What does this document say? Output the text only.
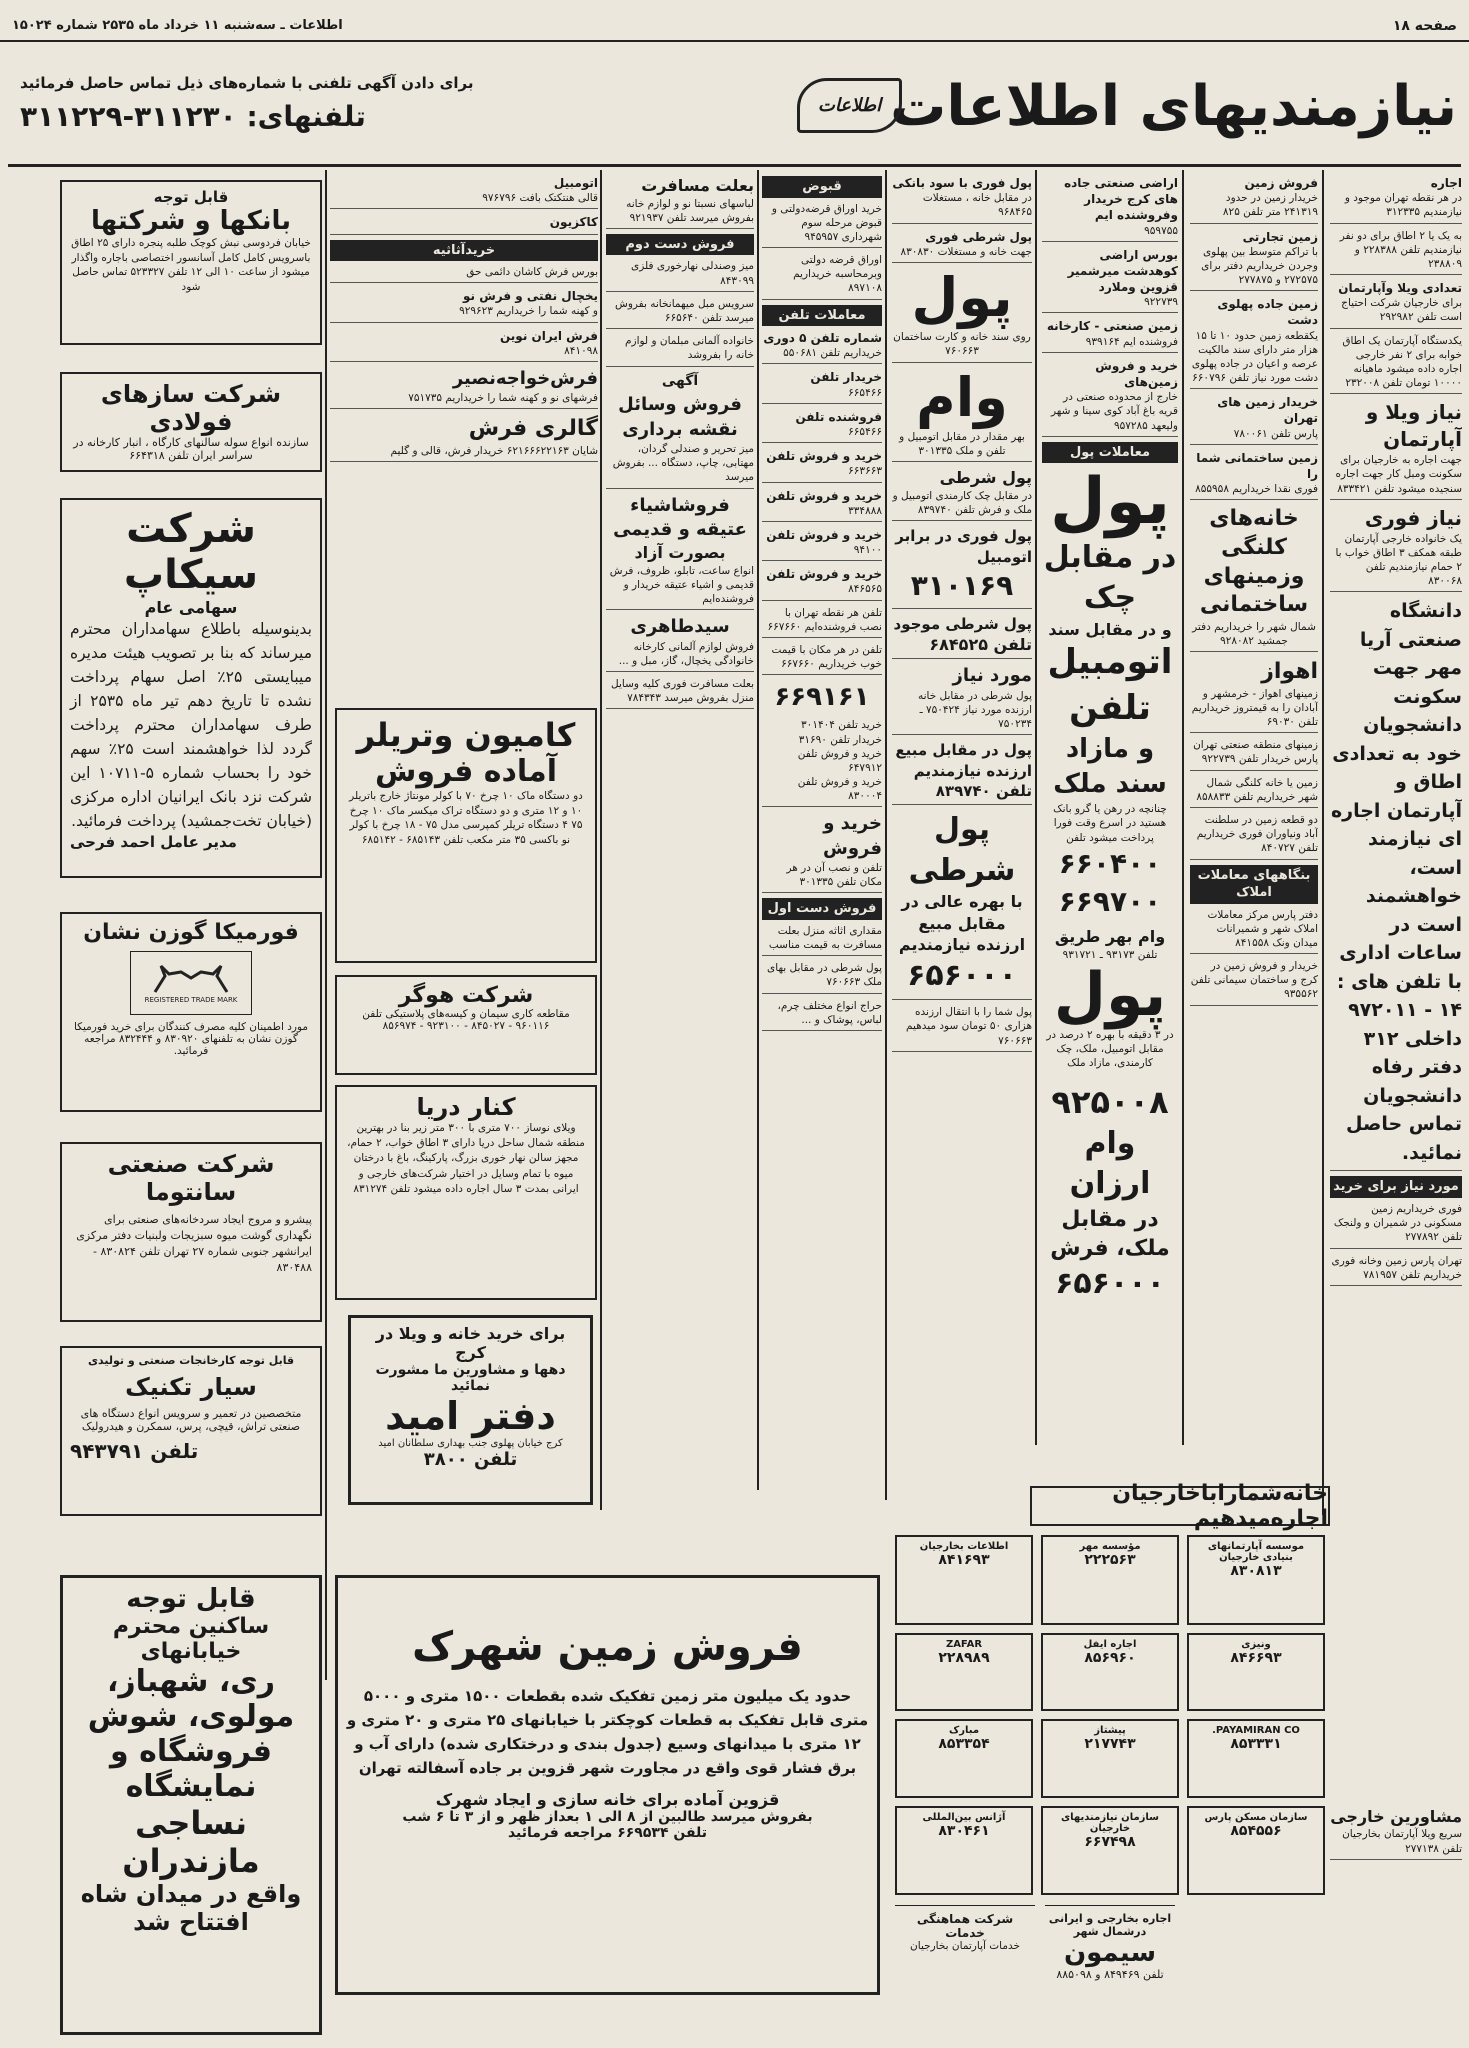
صفحه ۱۸
اطلاعات ـ سه‌شنبه ۱۱ خرداد ماه ۲۵۳۵ شماره ۱۵۰۲۴
نیازمندیهای اطلاعات
اطلاعات
برای دادن آگهی تلفنی با شماره‌های ذیل تماس حاصل فرمائید
تلفنهای: ۳۱۱۲۳۰-۳۱۱۲۲۹
اجاره
در هر نقطه تهران موجود و نیازمندیم ۳۱۲۳۳۵
به یک یا ۲ اطاق برای دو نفر نیازمندیم تلفن ۲۲۸۳۸۸ و ۲۳۸۸۰۹
تعدادی ویلا وآپارتمان
برای خارجیان شرکت احتیاج است تلفن ۲۹۲۹۸۲
یکدستگاه آپارتمان یک اطاق خوابه برای ۲ نفر خارجی اجاره داده میشود ماهیانه ۱۰۰۰۰ تومان تلفن ۲۳۲۰۰۸
نیاز ویلا و آپارتمان
جهت اجاره به خارجیان برای سکونت ومبل کار جهت اجاره سنجیده میشود تلفن ۸۳۳۴۲۱
نیاز فوری
یک خانواده خارجی آپارتمان طبقه همکف ۳ اطاق خواب با ۲ حمام نیازمندیم تلفن ۸۳۰۰۶۸
دانشگاه صنعتی آریا مهر جهت سکونت دانشجویان خود به تعدادی اطاق و آپارتمان اجاره ای نیازمند است، خواهشمند است در ساعات اداری با تلفن های : ۱۴ - ۹۷۲۰۱۱ داخلی ۳۱۲ دفتر رفاه دانشجویان تماس حاصل نمائید.
مورد نیاز برای خرید
فوری خریداریم زمین مسکونی در شمیران و ولنجک تلفن ۲۷۷۸۹۲
تهران پارس زمین وخانه فوری خریداریم تلفن ۷۸۱۹۵۷
مشاورین خارجی
سریع ویلا آپارتمان بخارجیان تلفن ۲۷۷۱۳۸
فروش زمین
خریدار زمین در حدود ۲۴۱۳۱۹ متر تلفن ۸۲۵
زمین تجارتی
با تراکم متوسط بین پهلوی وجردن خریداریم دفتر برای ۲۷۲۵۷۵ و ۲۷۷۸۷۵
زمین جاده پهلوی دشت
یکقطعه زمین حدود ۱۰ تا ۱۵ هزار متر دارای سند مالکیت عرصه و اعیان در جاده پهلوی دشت مورد نیاز تلفن ۶۶۰۷۹۶
خریدار زمین های تهران
پارس تلفن ۷۸۰۰۶۱
زمین ساختمانی شما را
فوری نقدا خریداریم ۸۵۵۹۵۸
خانه‌های کلنگی وزمینهای ساختمانی
شمال شهر را خریداریم دفتر جمشید ۹۲۸۰۸۲
اهواز
زمینهای اهواز - خرمشهر و آبادان را به قیمتروز خریداریم تلفن ۶۹۰۳۰
زمینهای منطقه صنعتی تهران پارس خریدار تلفن ۹۲۲۷۳۹
زمین یا خانه کلنگی شمال شهر خریداریم تلفن ۸۵۸۸۳۳
دو قطعه زمین در سلطنت آباد ونیاوران فوری خریداریم تلفن ۸۴۰۷۲۷
بنگاههای معاملات املاک
دفتر پارس مرکز معاملات املاک شهر و شمیرانات میدان ونک ۸۴۱۵۵۸
خریدار و فروش زمین در کرج و ساختمان سیمانی تلفن ۹۳۵۵۶۲
اراضی صنعتی جاده های کرج خریدار وفروشنده ایم
۹۵۹۷۵۵
بورس اراضی کوهدشت میرشمیر قزوین وملارد
۹۲۲۷۳۹
زمین صنعتی - کارخانه
فروشنده ایم ۹۳۹۱۶۴
خرید و فروش زمین‌های
خارج از محدوده صنعتی در قریه باغ آباد کوی سینا و شهر ولیعهد ۹۵۷۲۸۵
معاملات پول
پول
در مقابل چک
و در مقابل سند
اتومبیل
تلفن
و مازاد سند ملک
چنانچه در رهن یا گرو بانک هستید در اسرع وقت فورا پرداخت میشود تلفن
۶۶۰۴۰۰
۶۶۹۷۰۰
وام بهر طریق
تلفن ۹۳۱۷۳ ـ ۹۳۱۷۲۱
پول
در ۳ دقیقه با بهره ۲ درصد در مقابل اتومبیل، ملک، چک کارمندی، مازاد ملک
۹۲۵۰۰۸
وام ارزان
در مقابل ملک، فرش
۶۵۶۰۰۰
پول فوری با سود بانکی
در مقابل خانه ، مستغلات ۹۶۸۴۶۵
پول شرطی فوری
جهت خانه و مستغلات ۸۳۰۸۳۰
پول
روی سند خانه و کارت ساختمان ۷۶۰۶۶۳
وام
بهر مقدار در مقابل اتومبیل و تلفن و ملک ۳۰۱۳۳۵
پول شرطی
در مقابل چک کارمندی اتومبیل و ملک و فرش تلفن ۸۳۹۷۴۰
پول فوری در برابر اتومبیل
۳۱۰۱۶۹
پول شرطی موجود
تلفن ۶۸۴۵۲۵
مورد نیاز
پول شرطی در مقابل خانه ارزنده مورد نیاز ۷۵۰۴۲۴ ـ ۷۵۰۲۳۴
پول در مقابل مبیع ارزنده نیازمندیم
تلفن ۸۳۹۷۴۰
پول شرطی
با بهره عالی در مقابل مبیع ارزنده نیازمندیم
۶۵۶۰۰۰
پول شما را با انتقال ارزنده هزاری ۵۰ تومان سود میدهیم ۷۶۰۶۶۳
قبوض
خرید اوراق قرضه‌دولتی و قبوض مرحله سوم شهرداری ۹۴۵۹۵۷
اوراق قرضه دولتی وبرمحاسبه خریداریم ۸۹۷۱۰۸
معاملات تلفن
شماره تلفن ۵ دوری
خریداریم تلفن ۵۵۰۶۸۱
خریدار تلفن
۶۶۵۴۶۶
فروشنده تلفن
۶۶۵۴۶۶
خرید و فروش تلفن
۶۶۳۶۶۳
خرید و فروش تلفن
۳۳۴۸۸۸
خرید و فروش تلفن
۹۴۱۰۰
خرید و فروش تلفن
۸۴۶۵۶۵
تلفن هر نقطه تهران با نصب فروشنده‌ایم ۶۶۷۶۶۰
تلفن در هر مکان با قیمت خوب خریداریم ۶۶۷۶۶۰
۶۶۹۱۶۱
خرید تلفن ۳۰۱۴۰۴
خریدار تلفن ۳۱۶۹۰
خرید و فروش تلفن ۶۴۷۹۱۲
خرید و فروش تلفن ۸۳۰۰۰۴
خرید و فروش
تلفن و نصب آن در هر مکان تلفن ۳۰۱۳۳۵
فروش دست اول
مقداری اثاثه منزل بعلت مسافرت به قیمت مناسب
پول شرطی در مقابل بهای ملک ۷۶۰۶۶۳
حراج انواع مختلف چرم، لباس، پوشاک و ...
بعلت مسافرت
لباسهای نسبتا نو و لوازم خانه بفروش میرسد تلفن ۹۲۱۹۳۷
فروش دست دوم
میز وصندلی نهارخوری فلزی ۸۴۳۰۹۹
سرویس مبل میهمانخانه بفروش میرسد تلفن ۶۶۵۶۴۰
خانواده آلمانی مبلمان و لوازم خانه را بفروشد
آگهی
فروش وسائل نقشه برداری
میز تحریر و صندلی گردان، مهتابی، چاپ، دستگاه ... بفروش میرسد
فروشاشیاء عتیقه و قدیمی
بصورت آزاد
انواع ساعت، تابلو، ظروف، فرش قدیمی و اشیاء عتیقه خریدار و فروشنده‌ایم
سیدطاهری
فروش لوازم آلمانی کارخانه خانوادگی یخچال، گاز، مبل و ...
بعلت مسافرت فوری کلیه وسایل منزل بفروش میرسد ۷۸۴۳۴۳
اتومبیل
قالی هنتکتک بافت ۹۷۶۷۹۶
کاکزیون
خریدآثاثیه
بورس فرش کاشان دائمی حق
یخچال نفتی و فرش نو
و کهنه شما را خریداریم ۹۲۹۶۲۳
فرش ایران نوین
۸۴۱۰۹۸
فرش‌خواجه‌نصیر
فرشهای نو و کهنه شما را خریداریم ۷۵۱۷۳۵
گالری فرش
شایان ۶۲۱۶۶۶۲۲۱۶۳ خریدار فرش، قالی و گلیم
قابل توجه
بانکها و شرکتها
خیابان فردوسی نبش کوچک طلبه پنجره دارای ۲۵ اطاق باسرویس کامل کامل آسانسور اختصاصی باجاره واگذار میشود از ساعت ۱۰ الی ۱۲ تلفن ۵۲۳۳۲۷ تماس حاصل شود
شرکت سازهای فولادی
سازنده انواع سوله سالنهای کارگاه ، انبار کارخانه در سراسر ایران تلفن ۶۶۴۳۱۸
شرکت سیکاپ
سهامی عام
بدینوسیله باطلاع سهامداران محترم میرساند که بنا بر تصویب هیئت مدیره میبایستی ۲۵٪ اصل سهام پرداخت نشده تا تاریخ دهم تیر ماه ۲۵۳۵ از طرف سهامداران محترم پرداخت گردد لذا خواهشمند است ۲۵٪ سهم خود را بحساب شماره ۵-۱۰۷۱۱ این شرکت نزد بانک ایرانیان اداره مرکزی (خیابان تخت‌جمشید) پرداخت فرمائید.
مدیر عامل احمد فرحی
فورمیکا گوزن نشان
REGISTERED TRADE MARK
مورد اطمینان کلیه مصرف کنندگان برای خرید فورمیکا گوزن نشان به تلفنهای ۸۳۰۹۲۰ و ۸۳۲۴۴۴ مراجعه فرمائید.
شرکت صنعتی سانتوما
پیشرو و مروج ایجاد سردخانه‌های صنعتی برای نگهداری گوشت میوه سبزیجات ولبنیات دفتر مرکزی ایرانشهر جنوبی شماره ۲۷ تهران تلفن ۸۳۰۸۲۴ - ۸۳۰۴۸۸
قابل توجه کارخانجات صنعتی و تولیدی
سیار تکنیک
متخصصین در تعمیر و سرویس انواع دستگاه های صنعتی تراش، قیچی، پرس، سمکرن و هیدرولیک
تلفن ۹۴۳۷۹۱
کامیون وتریلر
آماده فروش
دو دستگاه ماک ۱۰ چرخ ۷۰ با کولر مونتاژ خارج باتریلر ۱۰ و ۱۲ متری و دو دستگاه تراک میکسر ماک ۱۰ چرخ ۷۵ ۴ دستگاه تریلر کمپرسی مدل ۷۵ - ۱۸ چرخ با کولر نو باکسی ۳۵ متر مکعب تلفن ۶۸۵۱۴۳ - ۶۸۵۱۴۲
شرکت هوگر
مقاطعه کاری سیمان و کیسه‌های پلاستیکی تلفن ۹۶۰۱۱۶ - ۸۴۵۰۲۷ - ۹۲۳۱۰۰ - ۸۵۶۹۷۴
کنار دریا
ویلای نوساز ۷۰۰ متری با ۳۰۰ متر زیر بنا در بهترین منطقه شمال ساحل دریا دارای ۳ اطاق خواب، ۲ حمام، مجهز سالن نهار خوری بزرگ، پارکینگ، باغ با درختان میوه با تمام وسایل در اختیار شرکت‌های خارجی و ایرانی بمدت ۳ سال اجاره داده میشود تلفن ۸۳۱۲۷۴
برای خرید خانه و ویلا در کرج
دهها و مشاورین ما مشورت نمائید
دفتر امید
کرج خیابان پهلوی جنب بهداری سلطانان امید
تلفن ۳۸۰۰
قابل توجه
ساکنین محترم خیابانهای
ری، شهباز،
مولوی، شوش
فروشگاه و نمایشگاه
نساجی مازندران
واقع در میدان شاه
افتتاح شد
فروش زمین شهرک
حدود یک میلیون متر زمین تفکیک شده بقطعات ۱۵۰۰ متری و ۵۰۰۰ متری قابل تفکیک به قطعات کوچکتر با خیابانهای ۲۵ متری و ۲۰ متری و ۱۲ متری با میدانهای وسیع (جدول بندی و درختکاری شده) دارای آب و برق فشار قوی واقع در مجاورت شهر قزوین بر جاده آسفالته تهران
قزوین آماده برای خانه سازی و ایجاد شهرک
بفروش میرسد طالبین از ۸ الی ۱ بعداز ظهر و از ۳ تا ۶ شب
تلفن ۶۶۹۵۳۴ مراجعه فرمائید
خانه‌شماراباخارجیان اجاره‌میدهیم
موسسه آپارتمانهای بنیادی خارجیان
۸۳۰۸۱۳
مؤسسه مهر
۲۲۲۵۶۳
اطلاعات بخارجیان
۸۴۱۶۹۳
ونیزی
۸۴۶۶۹۳
اجاره ایفل
۸۵۶۹۶۰
ZAFAR
۲۲۸۹۸۹
PAYAMIRAN CO.
۸۵۳۳۳۱
پیشتاز
۲۱۷۷۴۳
مبارک
۸۵۳۳۵۴
سازمان مسکن پارس
۸۵۴۵۵۶
سازمان نیازمندیهای خارجیان
۶۶۷۴۹۸
آژانس بین‌المللی
۸۳۰۴۶۱
اجاره بخارجی و ایرانی درشمال شهر
سیمون
تلفن ۸۴۹۴۶۹ و ۸۸۵۰۹۸
شرکت هماهنگی خدمات
خدمات آپارتمان بخارجیان
